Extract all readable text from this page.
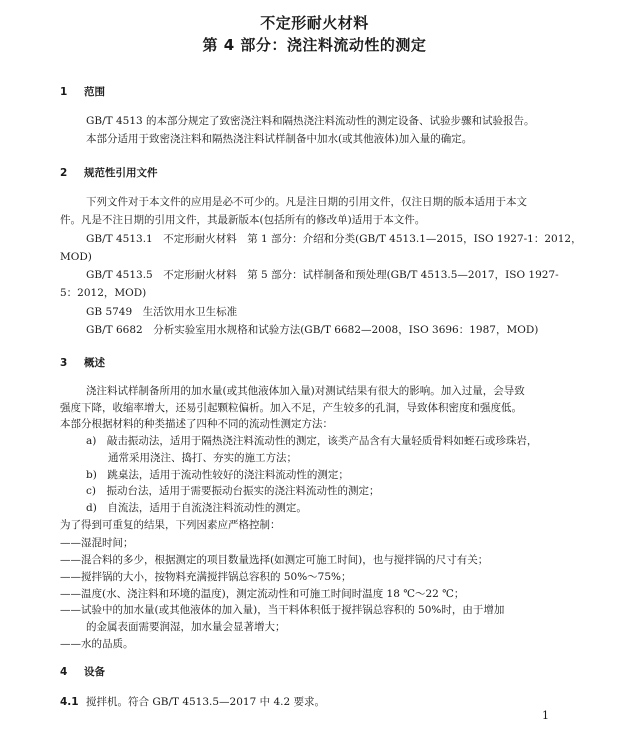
不定形耐火材料
第 4 部分：浇注料流动性的测定
1 范围
GB/T 4513 的本部分规定了致密浇注料和隔热浇注料流动性的测定设备、试验步骤和试验报告。
本部分适用于致密浇注料和隔热浇注料试样制备中加水(或其他液体)加入量的确定。
2 规范性引用文件
下列文件对于本文件的应用是必不可少的。凡是注日期的引用文件，仅注日期的版本适用于本文
件。凡是不注日期的引用文件，其最新版本(包括所有的修改单)适用于本文件。
GB/T 4513.1　不定形耐火材料　第 1 部分：介绍和分类(GB/T 4513.1—2015，ISO 1927-1：2012，
MOD)
GB/T 4513.5　不定形耐火材料　第 5 部分：试样制备和预处理(GB/T 4513.5—2017，ISO 1927-
5：2012，MOD)
GB 5749　生活饮用水卫生标准
GB/T 6682　分析实验室用水规格和试验方法(GB/T 6682—2008，ISO 3696：1987，MOD)
3 概述
浇注料试样制备所用的加水量(或其他液体加入量)对测试结果有很大的影响。加入过量，会导致
强度下降，收缩率增大，还易引起颗粒偏析。加入不足，产生较多的孔洞，导致体积密度和强度低。
本部分根据材料的种类描述了四种不同的流动性测定方法：
a)　敲击振动法，适用于隔热浇注料流动性的测定，该类产品含有大量轻质骨料如蛭石或珍珠岩，
通常采用浇注、捣打、夯实的施工方法；
b)　跳桌法，适用于流动性较好的浇注料流动性的测定；
c)　振动台法，适用于需要振动台振实的浇注料流动性的测定；
d)　自流法，适用于自流浇注料流动性的测定。
为了得到可重复的结果，下列因素应严格控制：
——湿混时间；
——混合料的多少，根据测定的项目数量选择(如测定可施工时间)，也与搅拌锅的尺寸有关；
——搅拌锅的大小，按物料充满搅拌锅总容积的 50%～75%；
——温度(水、浇注料和环境的温度)，测定流动性和可施工时间时温度 18 ℃～22 ℃；
——试验中的加水量(或其他液体的加入量)，当干料体积低于搅拌锅总容积的 50%时，由于增加
的金属表面需要润湿，加水量会显著增大；
——水的品质。
4 设备
4.1 搅拌机。符合 GB/T 4513.5—2017 中 4.2 要求。
1
